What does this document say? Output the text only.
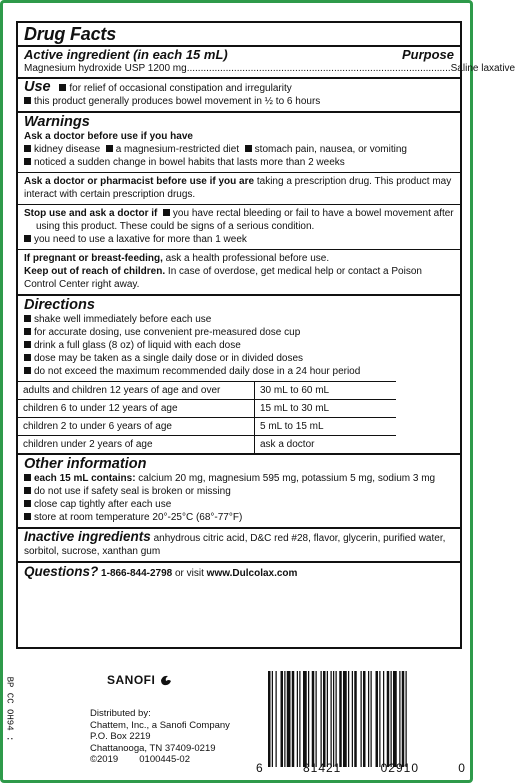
Drug Facts
Active ingredient (in each 15 mL)	Purpose
Magnesium hydroxide USP 1200 mg ............................................................................................... Saline laxative
Use for relief of occasional constipation and irregularity
this product generally produces bowel movement in ½ to 6 hours
Warnings
Ask a doctor before use if you have
kidney disease a magnesium-restricted diet stomach pain, nausea, or vomiting
noticed a sudden change in bowel habits that lasts more than 2 weeks
Ask a doctor or pharmacist before use if you are taking a prescription drug. This product may interact with certain prescription drugs.
Stop use and ask a doctor if you have rectal bleeding or fail to have a bowel movement after using this product. These could be signs of a serious condition.
you need to use a laxative for more than 1 week
If pregnant or breast-feeding, ask a health professional before use.
Keep out of reach of children. In case of overdose, get medical help or contact a Poison Control Center right away.
Directions
shake well immediately before each use
for accurate dosing, use convenient pre-measured dose cup
drink a full glass (8 oz) of liquid with each dose
dose may be taken as a single daily dose or in divided doses
do not exceed the maximum recommended daily dose in a 24 hour period
adults and children 12 years of age and over	30 mL to 60 mL
children 6 to under 12 years of age	15 mL to 30 mL
children 2 to under 6 years of age	5 mL to 15 mL
children under 2 years of age	ask a doctor
Other information
each 15 mL contains: calcium 20 mg, magnesium 595 mg, potassium 5 mg, sodium 3 mg
do not use if safety seal is broken or missing
close cap tightly after each use
store at room temperature 20°-25°C (68°-77°F)
Inactive ingredients anhydrous citric acid, D&C red #28, flavor, glycerin, purified water, sorbitol, sucrose, xanthan gum
Questions? 1-866-844-2798 or visit www.Dulcolax.com
BP CC OH94 :	SANOFI
Distributed by:
Chattem, Inc., a Sanofi Company
P.O. Box 2219
Chattanooga, TN 37409-0219
©2019 0100445-02
6	81421	02910	0
